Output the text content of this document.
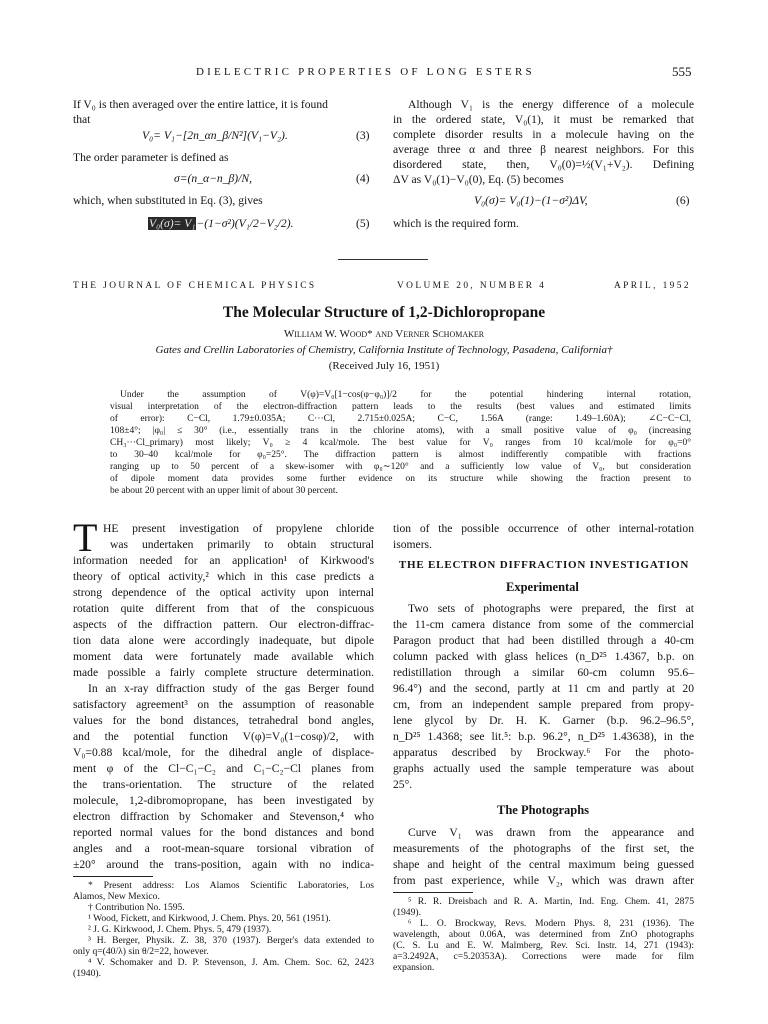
DIELECTRIC PROPERTIES OF LONG ESTERS	555
If V₀ is then averaged over the entire lattice, it is found
that
V₀= V₁−[2n_αn_β/N²](V₁−V₂).	(3)
The order parameter is defined as
σ=(n_α−n_β)/N,	(4)
which, when substituted in Eq. (3), gives
V₀(σ)= V₁−(1−σ²)(V₁/2−V₂/2).	(5)
Although V₁ is the energy difference of a molecule
in the ordered state, V₀(1), it must be remarked that
complete disorder results in a molecule having on the
average three α and three β nearest neighbors. For this
disordered state, then, V₀(0)=½(V₁+V₂). Defining
ΔV as V₀(1)−V₀(0), Eq. (5) becomes
V₀(σ)= V₀(1)−(1−σ²)ΔV,	(6)
which is the required form.
THE JOURNAL OF CHEMICAL PHYSICS	VOLUME 20, NUMBER 4	APRIL, 1952
The Molecular Structure of 1,2-Dichloropropane
William W. Wood* and Verner Schomaker
Gates and Crellin Laboratories of Chemistry, California Institute of Technology, Pasadena, California†
(Received July 16, 1951)
Under the assumption of V(φ)=V₀[1−cos(φ−φ₀)]/2 for the potential hindering internal rotation,
visual interpretation of the electron-diffraction pattern leads to the results (best values and estimated limits
of error): C−Cl, 1.79±0.035A; C···Cl, 2.715±0.025A; C−C, 1.56A (range: 1.49–1.60A); ∠C−C−Cl,
108±4°; |φ₀| ≤ 30° (i.e., essentially trans in the chlorine atoms), with a small positive value of φ₀ (increasing
CH₃···Cl_primary) most likely; V₀ ≥ 4 kcal/mole. The best value for V₀ ranges from 10 kcal/mole for φ₀=0°
to 30–40 kcal/mole for φ₀=25°. The diffraction pattern is almost indifferently compatible with fractions
ranging up to 50 percent of a skew-isomer with φ₀∼120° and a sufficiently low value of V₀, but consideration
of dipole moment data provides some further evidence on its structure while showing the fraction present to
be about 20 percent with an upper limit of about 30 percent.
T HE present investigation of propylene chloride
was undertaken primarily to obtain structural
information needed for an application¹ of Kirkwood's
theory of optical activity,² which in this case predicts a
strong dependence of the optical activity upon internal
rotation quite different from that of the conspicuous
aspects of the diffraction pattern. Our electron-diffrac-
tion data alone were accordingly inadequate, but dipole
moment data were fortunately made available which
made possible a fairly complete structure determination.
In an x-ray diffraction study of the gas Berger found
satisfactory agreement³ on the assumption of reasonable
values for the bond distances, tetrahedral bond angles,
and the potential function V(φ)=V₀(1−cosφ)/2, with
V₀=0.88 kcal/mole, for the dihedral angle of displace-
ment φ of the Cl−C₁−C₂ and C₁−C₂−Cl planes from
the trans-orientation. The structure of the related
molecule, 1,2-dibromopropane, has been investigated by
electron diffraction by Schomaker and Stevenson,⁴ who
reported normal values for the bond distances and bond
angles and a root-mean-square torsional vibration of
±20° around the trans-position, again with no indica-
* Present address: Los Alamos Scientific Laboratories, Los
Alamos, New Mexico.
† Contribution No. 1595.
¹ Wood, Fickett, and Kirkwood, J. Chem. Phys. 20, 561 (1951).
² J. G. Kirkwood, J. Chem. Phys. 5, 479 (1937).
³ H. Berger, Physik. Z. 38, 370 (1937). Berger's data extended to
only q=(40/λ) sin θ/2=22, however.
⁴ V. Schomaker and D. P. Stevenson, J. Am. Chem. Soc. 62, 2423
(1940).
tion of the possible occurrence of other internal-rotation
isomers.
THE ELECTRON DIFFRACTION INVESTIGATION
Experimental
Two sets of photographs were prepared, the first at
the 11-cm camera distance from some of the commercial
Paragon product that had been distilled through a 40-cm
column packed with glass helices (n_D²⁵ 1.4367, b.p. on
redistillation through a similar 60-cm column 95.6–
96.4°) and the second, partly at 11 cm and partly at 20
cm, from an independent sample prepared from propy-
lene glycol by Dr. H. K. Garner (b.p. 96.2–96.5°,
n_D²⁵ 1.4368; see lit.⁵: b.p. 96.2°, n_D²⁵ 1.43638), in the
apparatus described by Brockway.⁶ For the photo-
graphs actually used the sample temperature was about
25°.
The Photographs
Curve V₁ was drawn from the appearance and
measurements of the photographs of the first set, the
shape and height of the central maximum being guessed
from past experience, while V₂, which was drawn after
⁵ R. R. Dreisbach and R. A. Martin, Ind. Eng. Chem. 41, 2875
(1949).
⁶ L. O. Brockway, Revs. Modern Phys. 8, 231 (1936). The
wavelength, about 0.06A, was determined from ZnO photographs
(C. S. Lu and E. W. Malmberg, Rev. Sci. Instr. 14, 271 (1943):
a=3.2492A, c=5.20353A). Corrections were made for film
expansion.
